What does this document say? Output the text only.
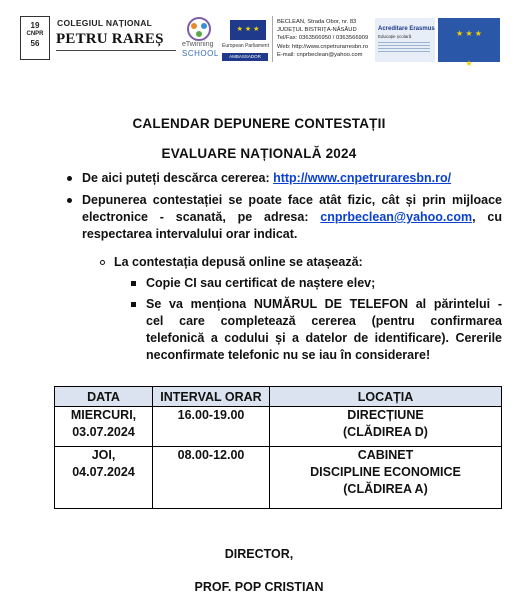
19
CNPR
56
COLEGIUL NAȚIONAL
PETRU RAREȘ	eTwinning
SCHOOL
★ ★ ★
European Parliament
AMBASSADOR SCHOOL
BECLEAN, Strada Obor, nr. 83
JUDEȚUL BISTRIȚA-NĂSĂUD
Tel/Fax: 0363566950 / 0363566909
Web: http://www.cnpetrurarresbn.ro
E-mail: cnprbeclean@yahoo.com
Acreditare Erasmus
Educație școlară	★ ★ ★ ★
CALENDAR DEPUNERE CONTESTAȚII
EVALUARE NAȚIONALĂ 2024
De aici puteți descărca cererea: http://www.cnpetruraresbn.ro/
Depunerea contestației se poate face atât fizic, cât și prin mijloace
electronice - scanată, pe adresa: cnprbeclean@yahoo.com, cu
respectarea intervalului orar indicat.
La contestația depusă online se atașează:
Copie CI sau certificat de naștere elev;
Se va menționa NUMĂRUL DE TELEFON al părintelui -
cel care completează cererea (pentru confirmarea
telefonică a codului și a datelor de identificare). Cererile
neconfirmate telefonic nu se iau în considerare!
DATA	INTERVAL ORAR	LOCAȚIA

MIERCURI,
03.07.2024	16.00-19.00	DIRECȚIUNE
(CLĂDIREA D)

JOI,
04.07.2024	08.00-12.00	CABINET
DISCIPLINE ECONOMICE
(CLĂDIREA A)
DIRECTOR,
PROF. POP CRISTIAN
